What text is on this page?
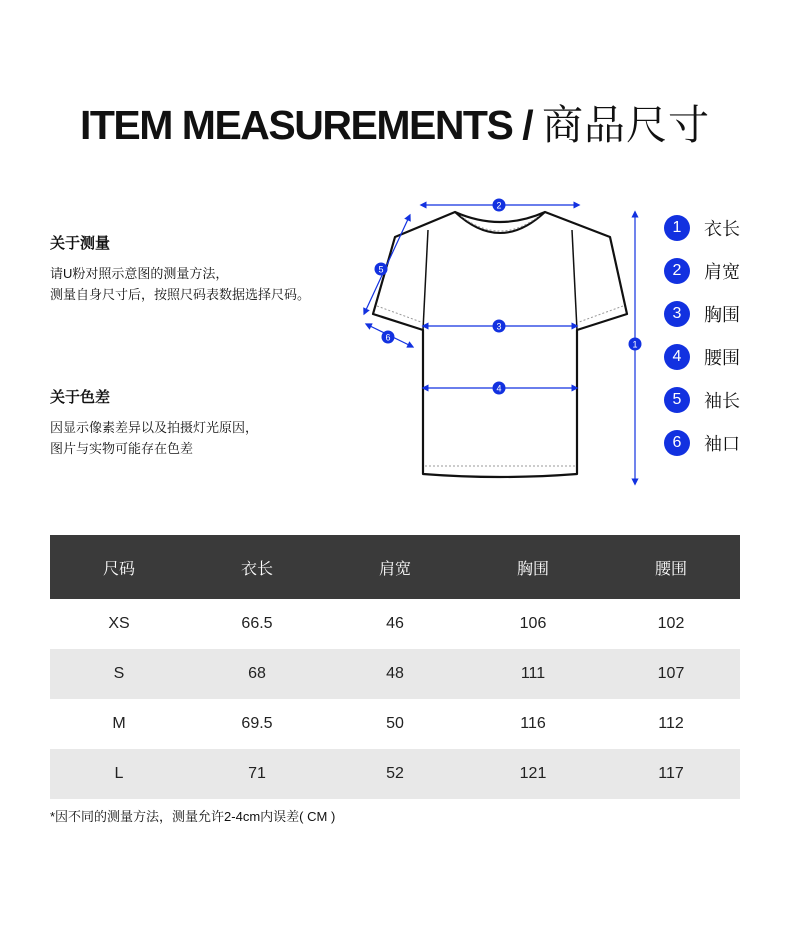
ITEM MEASUREMENTS / 商品尺寸
关于测量
请U粉对照示意图的测量方法，
测量自身尺寸后，按照尺码表数据选择尺码。
关于色差
因显示像素差异以及拍摄灯光原因，
图片与实物可能存在色差
2
1
3
4
5
6
1	衣长
2	肩宽
3	胸围
4	腰围
5	袖长
6	袖口
尺码	衣长	肩宽	胸围	腰围
XS	66.5	46	106	102
S	68	48	111	107
M	69.5	50	116	112
L	71	52	121	117
*因不同的测量方法，测量允许2-4cm内误差( CM )
